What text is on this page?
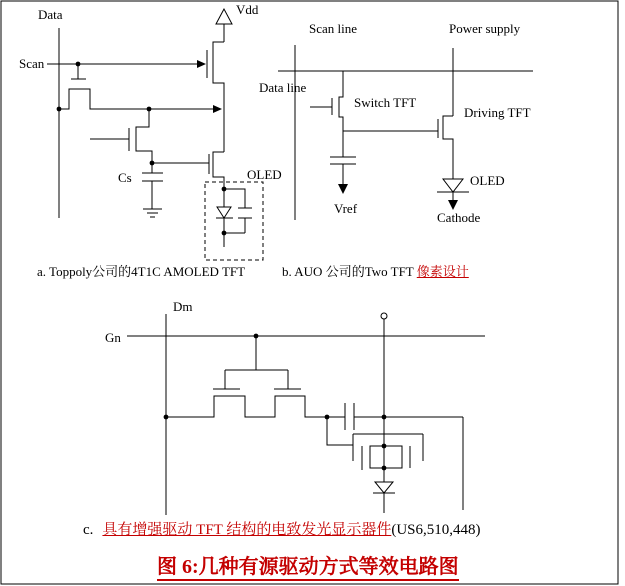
Data
Scan
Vdd
Cs	OLED
Scan line	Power supply
Data line
Switch TFT
Driving TFT
Vref
OLED
Cathode
Dm
Gn
a. Toppoly公司的4T1C AMOLED TFT	b. AUO 公司的Two TFT 像素设计
c. 具有增强驱动 TFT 结构的电致发光显示器件(US6,510,448)
图 6:几种有源驱动方式等效电路图
